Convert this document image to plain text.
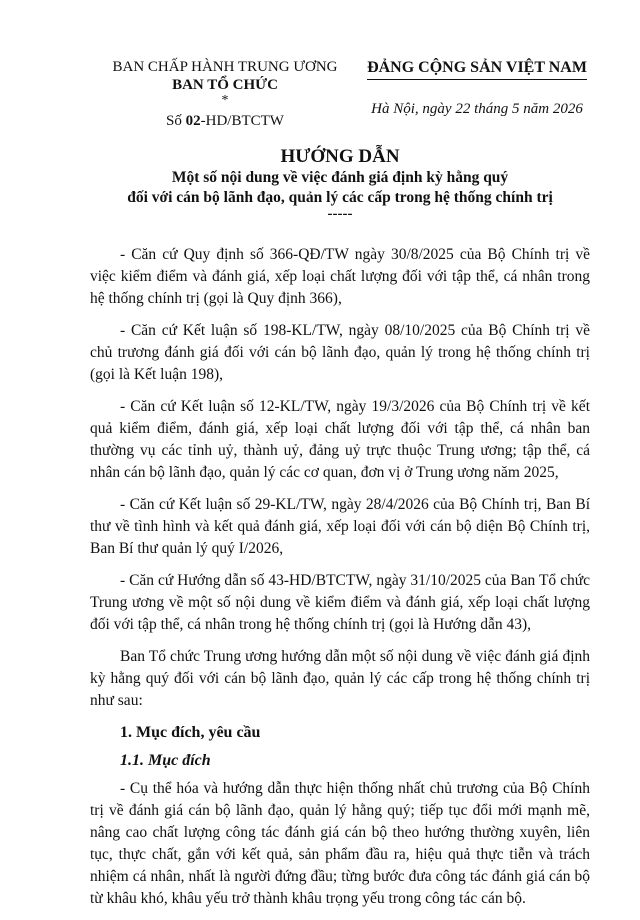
BAN CHẤP HÀNH TRUNG ƯƠNG
BAN TỔ CHỨC
*
Số 02-HD/BTCTW
ĐẢNG CỘNG SẢN VIỆT NAM
Hà Nội, ngày 22 tháng 5 năm 2026
HƯỚNG DẪN
Một số nội dung về việc đánh giá định kỳ hằng quý
đối với cán bộ lãnh đạo, quản lý các cấp trong hệ thống chính trị
-----

- Căn cứ Quy định số 366-QĐ/TW ngày 30/8/2025 của Bộ Chính trị về việc kiểm điểm và đánh giá, xếp loại chất lượng đối với tập thể, cá nhân trong hệ thống chính trị (gọi là Quy định 366),

- Căn cứ Kết luận số 198-KL/TW, ngày 08/10/2025 của Bộ Chính trị về chủ trương đánh giá đối với cán bộ lãnh đạo, quản lý trong hệ thống chính trị (gọi là Kết luận 198),

- Căn cứ Kết luận số 12-KL/TW, ngày 19/3/2026 của Bộ Chính trị về kết quả kiểm điểm, đánh giá, xếp loại chất lượng đối với tập thể, cá nhân ban thường vụ các tỉnh uỷ, thành uỷ, đảng uỷ trực thuộc Trung ương; tập thể, cá nhân cán bộ lãnh đạo, quản lý các cơ quan, đơn vị ở Trung ương năm 2025,

- Căn cứ Kết luận số 29-KL/TW, ngày 28/4/2026 của Bộ Chính trị, Ban Bí thư về tình hình và kết quả đánh giá, xếp loại đối với cán bộ diện Bộ Chính trị, Ban Bí thư quản lý quý I/2026,

- Căn cứ Hướng dẫn số 43-HD/BTCTW, ngày 31/10/2025 của Ban Tổ chức Trung ương về một số nội dung về kiểm điểm và đánh giá, xếp loại chất lượng đối với tập thể, cá nhân trong hệ thống chính trị (gọi là Hướng dẫn 43),

Ban Tổ chức Trung ương hướng dẫn một số nội dung về việc đánh giá định kỳ hằng quý đối với cán bộ lãnh đạo, quản lý các cấp trong hệ thống chính trị như sau:

1. Mục đích, yêu cầu
1.1. Mục đích

- Cụ thể hóa và hướng dẫn thực hiện thống nhất chủ trương của Bộ Chính trị về đánh giá cán bộ lãnh đạo, quản lý hằng quý; tiếp tục đổi mới mạnh mẽ, nâng cao chất lượng công tác đánh giá cán bộ theo hướng thường xuyên, liên tục, thực chất, gắn với kết quả, sản phẩm đầu ra, hiệu quả thực tiễn và trách nhiệm cá nhân, nhất là người đứng đầu; từng bước đưa công tác đánh giá cán bộ từ khâu khó, khâu yếu trở thành khâu trọng yếu trong công tác cán bộ.
